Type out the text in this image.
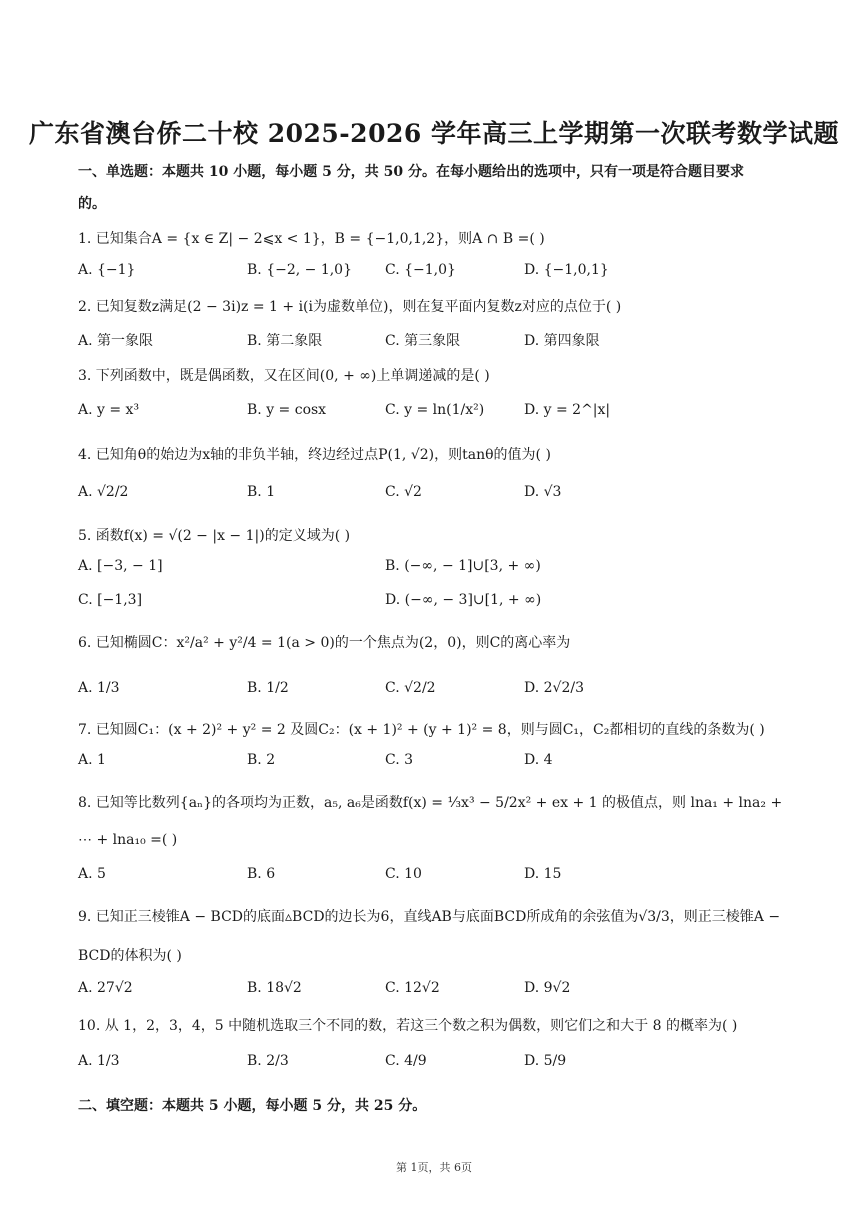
广东省澳台侨二十校 2025-2026 学年高三上学期第一次联考数学试题
一、单选题：本题共 10 小题，每小题 5 分，共 50 分。在每小题给出的选项中，只有一项是符合题目要求
的。
1. 已知集合A = {x ∈ Z| − 2⩽x < 1}，B = {−1,0,1,2}，则A ∩ B =( )
A. {−1}	B. {−2, − 1,0} C. {−1,0}	D. {−1,0,1}
2. 已知复数z满足(2 − 3i)z = 1 + i(i为虚数单位)，则在复平面内复数z对应的点位于( )
A. 第一象限	B. 第二象限	C. 第三象限	D. 第四象限
3. 下列函数中，既是偶函数，又在区间(0, + ∞)上单调递减的是( )
A. y = x³	B. y = cosx	C. y = ln(1/x²)	D. y = 2^|x|
4. 已知角θ的始边为x轴的非负半轴，终边经过点P(1, √2)，则tanθ的值为( )
A. √2/2	B. 1	C. √2	D. √3
5. 函数f(x) = √(2 − |x − 1|)的定义域为( )
A. [−3, − 1]	B. (−∞, − 1]∪[3, + ∞)
C. [−1,3]	D. (−∞, − 3]∪[1, + ∞)
6. 已知椭圆C：x²/a² + y²/4 = 1(a > 0)的一个焦点为(2，0)，则C的离心率为
A. 1/3	B. 1/2	C. √2/2	D. 2√2/3
7. 已知圆C₁：(x + 2)² + y² = 2 及圆C₂：(x + 1)² + (y + 1)² = 8，则与圆C₁，C₂都相切的直线的条数为( )
A. 1	B. 2	C. 3	D. 4
8. 已知等比数列{aₙ}的各项均为正数，a₅, a₆是函数f(x) = ⅓x³ − 5/2x² + ex + 1 的极值点，则 lna₁ + lna₂ +
⋯ + lna₁₀ =( )
A. 5	B. 6	C. 10	D. 15
9. 已知正三棱锥A − BCD的底面▵BCD的边长为6，直线AB与底面BCD所成角的余弦值为√3/3，则正三棱锥A −
BCD的体积为( )
A. 27√2	B. 18√2	C. 12√2	D. 9√2
10. 从 1，2，3，4，5 中随机选取三个不同的数，若这三个数之积为偶数，则它们之和大于 8 的概率为( )
A. 1/3	B. 2/3	C. 4/9	D. 5/9
二、填空题：本题共 5 小题，每小题 5 分，共 25 分。
第 1页，共 6页
